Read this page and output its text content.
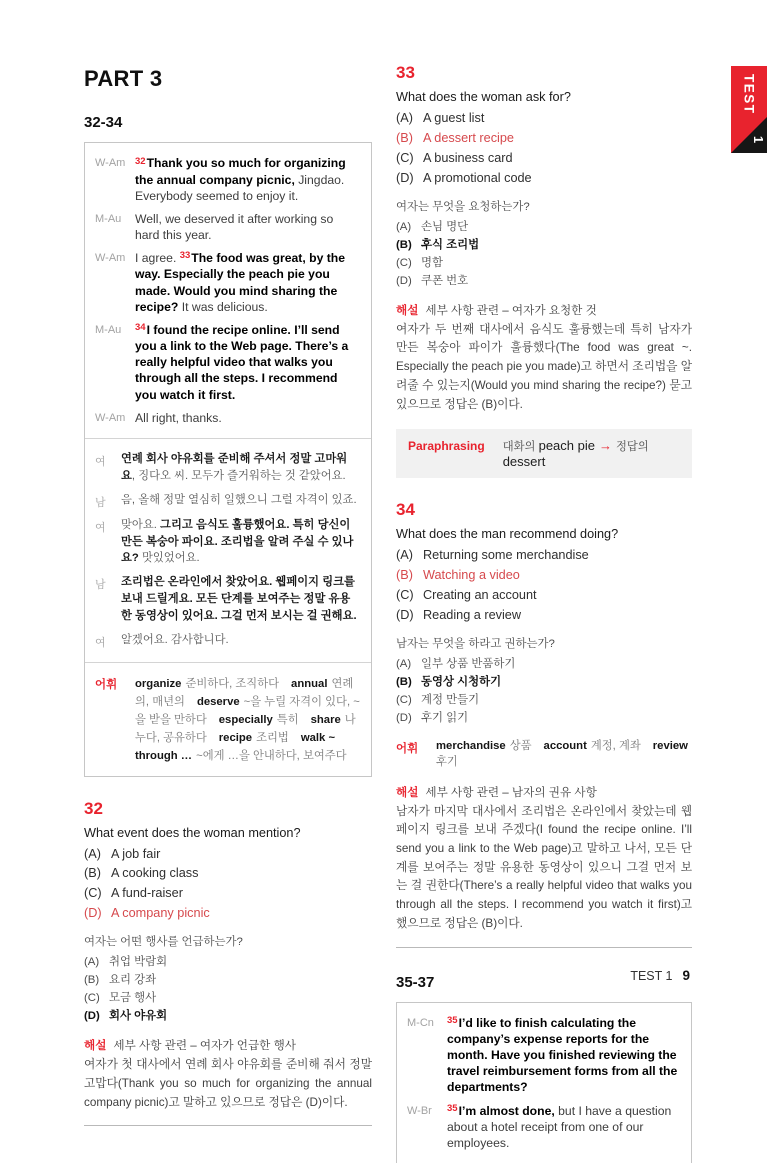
PART 3
32-34
W-Am	$^{32}$Thank you so much for organizing the annual company picnic, Jingdao. Everybody seemed to enjoy it.

M-Au	Well, we deserved it after working so hard this year.

W-Am I agree. $^{33}$The food was great, by the way. Especially the peach pie you made. Would you mind sharing the recipe? It was delicious.

M-Au	$^{34}$I found the recipe online. I’ll send you a link to the Web page. There’s a really helpful video that walks you through all the steps. I recommend you watch it first.

W-Am All right, thanks.

여	연례 회사 야유회를 준비해 주셔서 정말 고마워요, 징다오 씨. 모두가 즐거워하는 것 같았어요.

남	음, 올해 정말 열심히 일했으니 그럴 자격이 있죠.

여	맞아요. 그리고 음식도 훌륭했어요. 특히 당신이 만든 복숭아 파이요. 조리법을 알려 주실 수 있나요? 맛있었어요.

남	조리법은 온라인에서 찾았어요. 웹페이지 링크를 보내 드릴게요. 모든 단계를 보여주는 정말 유용한 동영상이 있어요. 그걸 먼저 보시는 걸 권해요.

여	알겠어요. 감사합니다.

어휘	organize 준비하다, 조직하다 annual 연례의, 매년의 deserve ~을 누릴 자격이 있다, ~을 받을 만하다 especially 특히 share 나누다, 공유하다 recipe 조리법 walk ~ through … ~에게 …을 안내하다, 보여주다

32

What event does the woman mention?

(A) A job fair
(B) A cooking class
(C) A fund-raiser
(D) A company picnic

여자는 어떤 행사를 언급하는가?

(A) 취업 박람회
(B) 요리 강좌
(C) 모금 행사
(D) 회사 야유회
해설 세부 사항 관련 – 여자가 언급한 행사

여자가 첫 대사에서 연례 회사 야유회를 준비해 줘서 정말 고맙다(Thank you so much for organizing the annual company picnic)고 말하고 있으므로 정답은 (D)이다.

33

What does the woman ask for?

(A) A guest list
(B) A dessert recipe
(C) A business card
(D) A promotional code

여자는 무엇을 요청하는가?

(A) 손님 명단
(B) 후식 조리법
(C) 명함
(D) 쿠폰 번호
해설 세부 사항 관련 – 여자가 요청한 것

여자가 두 번째 대사에서 음식도 훌륭했는데 특히 남자가 만든 복숭아 파이가 훌륭했다(The food was great ~. Especially the peach pie you made)고 하면서 조리법을 알려줄 수 있는지(Would you mind sharing the recipe?) 묻고 있으므로 정답은 (B)이다.

Paraphrasing 대화의 peach pie → 정답의 dessert
34

What does the man recommend doing?

(A) Returning some merchandise
(B) Watching a video
(C) Creating an account
(D) Reading a review

남자는 무엇을 하라고 권하는가?

(A) 일부 상품 반품하기
(B) 동영상 시청하기
(C) 계정 만들기
(D) 후기 읽기
어휘	merchandise 상품 account 계정, 계좌 review후기

해설 세부 사항 관련 – 남자의 권유 사항

남자가 마지막 대사에서 조리법은 온라인에서 찾았는데 웹페이지 링크를 보내 주겠다(I found the recipe online. I’ll send you a link to the Web page)고 말하고 나서, 모든 단계를 보여주는 정말 유용한 동영상이 있으니 그걸 먼저 보는 걸 권한다(There’s a really helpful video that walks you through all the steps. I recommend you watch it first)고 했으므로 정답은 (B)이다.

35-37
M-Cn	$^{35}$I’d like to finish calculating the company’s expense reports for the month. Have you finished reviewing the travel reimbursement forms from all the departments?

W-Br	$^{35}$I’m almost done, but I have a question about a hotel receipt from one of our employees.

TEST
1
TEST 1 9
